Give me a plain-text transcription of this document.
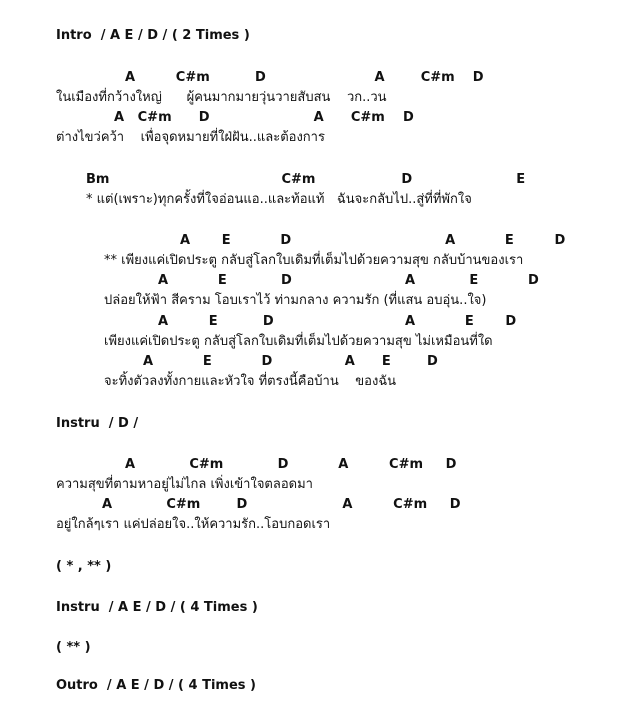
Intro  / A E / D / ( 2 Times )
A         C#m          D                        A        C#m    D
ในเมืองที่กว้างใหญ่      ผู้คนมากมายวุ่นวายสับสน    วก..วน
A   C#m      D                       A      C#m    D
ต่างไขว่คว้า    เพื่อจุดหมายที่ใฝ่ฝัน..และต้องการ
Bm                                      C#m                   D                       E
* แต่(เพราะ)ทุกครั้งที่ใจอ่อนแอ..และท้อแท้   ฉันจะกลับไป..สู่ที่ที่พักใจ
A       E           D                                  A           E         D
** เพียงแค่เปิดประตู กลับสู่โลกใบเดิมที่เต็มไปด้วยความสุข กลับบ้านของเรา
A           E            D                         A            E           D
ปล่อยให้ฟ้า สีคราม โอบเราไว้ ท่ามกลาง ความรัก (ที่แสน อบอุ่น..ใจ)
A         E          D                             A           E       D
เพียงแค่เปิดประตู กลับสู่โลกใบเดิมที่เต็มไปด้วยความสุข ไม่เหมือนที่ใด
A           E           D                A      E        D
จะทิ้งตัวลงทั้งกายและหัวใจ ที่ตรงนี้คือบ้าน    ของฉัน
Instru  / D /
A            C#m            D           A         C#m     D
ความสุขที่ตามหาอยู่ไม่ไกล เพิ่งเข้าใจตลอดมา
A            C#m        D                     A         C#m     D
อยู่ใกล้ๆเรา แค่ปล่อยใจ..ให้ความรัก..โอบกอดเรา
( * , ** )
Instru  / A E / D / ( 4 Times )
( ** )
Outro  / A E / D / ( 4 Times )
